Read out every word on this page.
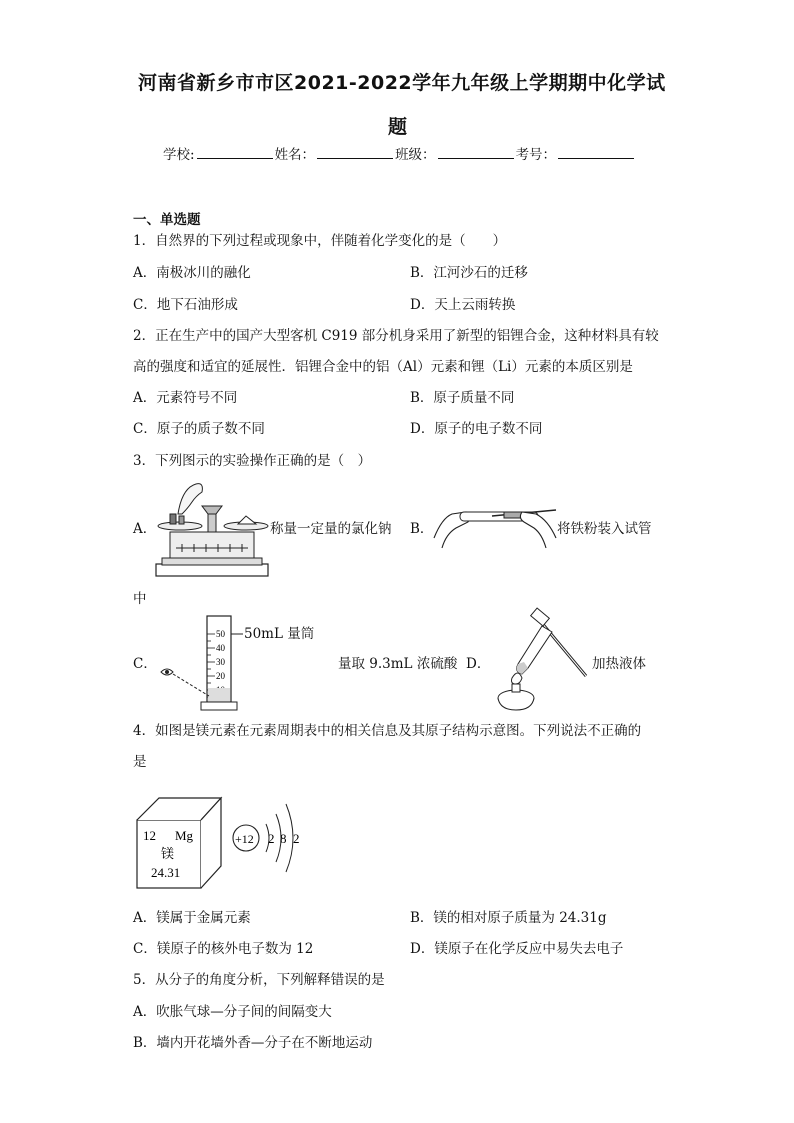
河南省新乡市市区2021-2022学年九年级上学期期中化学试
题
学校:	姓名：	班级：	考号：
一、单选题
1．自然界的下列过程或现象中，伴随着化学变化的是（　　）
A．南极冰川的融化	B．江河沙石的迁移
C．地下石油形成	D．天上云雨转换
2．正在生产中的国产大型客机 C919 部分机身采用了新型的铝锂合金，这种材料具有较
高的强度和适宜的延展性．铝锂合金中的铝（Al）元素和锂（Li）元素的本质区别是
A．元素符号不同	B．原子质量不同
C．原子的质子数不同	D．原子的电子数不同
3．下列图示的实验操作正确的是（　）
A．	称量一定量的氯化钠 B．	将铁粉装入试管
中
C．
50
40
30
20
50mL 量筒
量取 9.3mL 浓硫酸 D．	加热液体
4．如图是镁元素在元素周期表中的相关信息及其原子结构示意图。下列说法不正确的
是
12 Mg
镁
24.31
+12 2 8 2
A．镁属于金属元素	B．镁的相对原子质量为 24.31g
C．镁原子的核外电子数为 12	D．镁原子在化学反应中易失去电子
5．从分子的角度分析，下列解释错误的是
A．吹胀气球—分子间的间隔变大
B．墙内开花墙外香—分子在不断地运动
